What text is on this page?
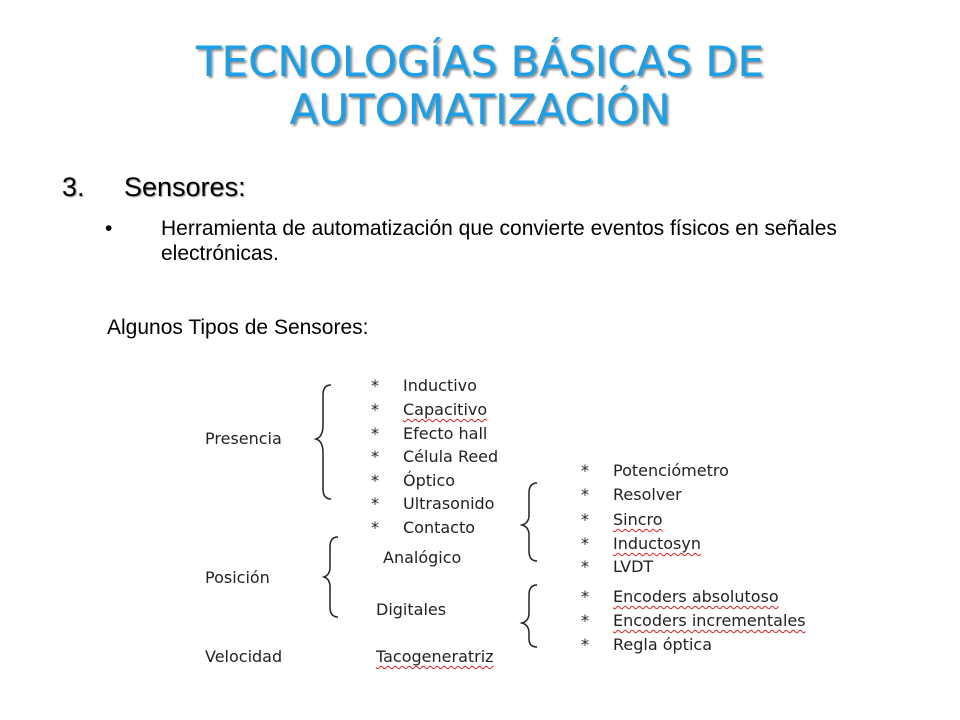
TECNOLOGÍAS BÁSICAS DE
AUTOMATIZACIÓN
3. Sensores:
• Herramienta de automatización que convierte eventos físicos en señales electrónicas.
Algunos Tipos de Sensores:
Presencia
Posición
Velocidad
* Inductivo
* Capacitivo
* Efecto hall
* Célula Reed
* Óptico
* Ultrasonido
* Contacto
Analógico
Digitales
Tacogeneratriz
* Potenciómetro
* Resolver
* Sincro
* Inductosyn
* LVDT
* Encoders absolutoso
* Encoders incrementales
* Regla óptica
